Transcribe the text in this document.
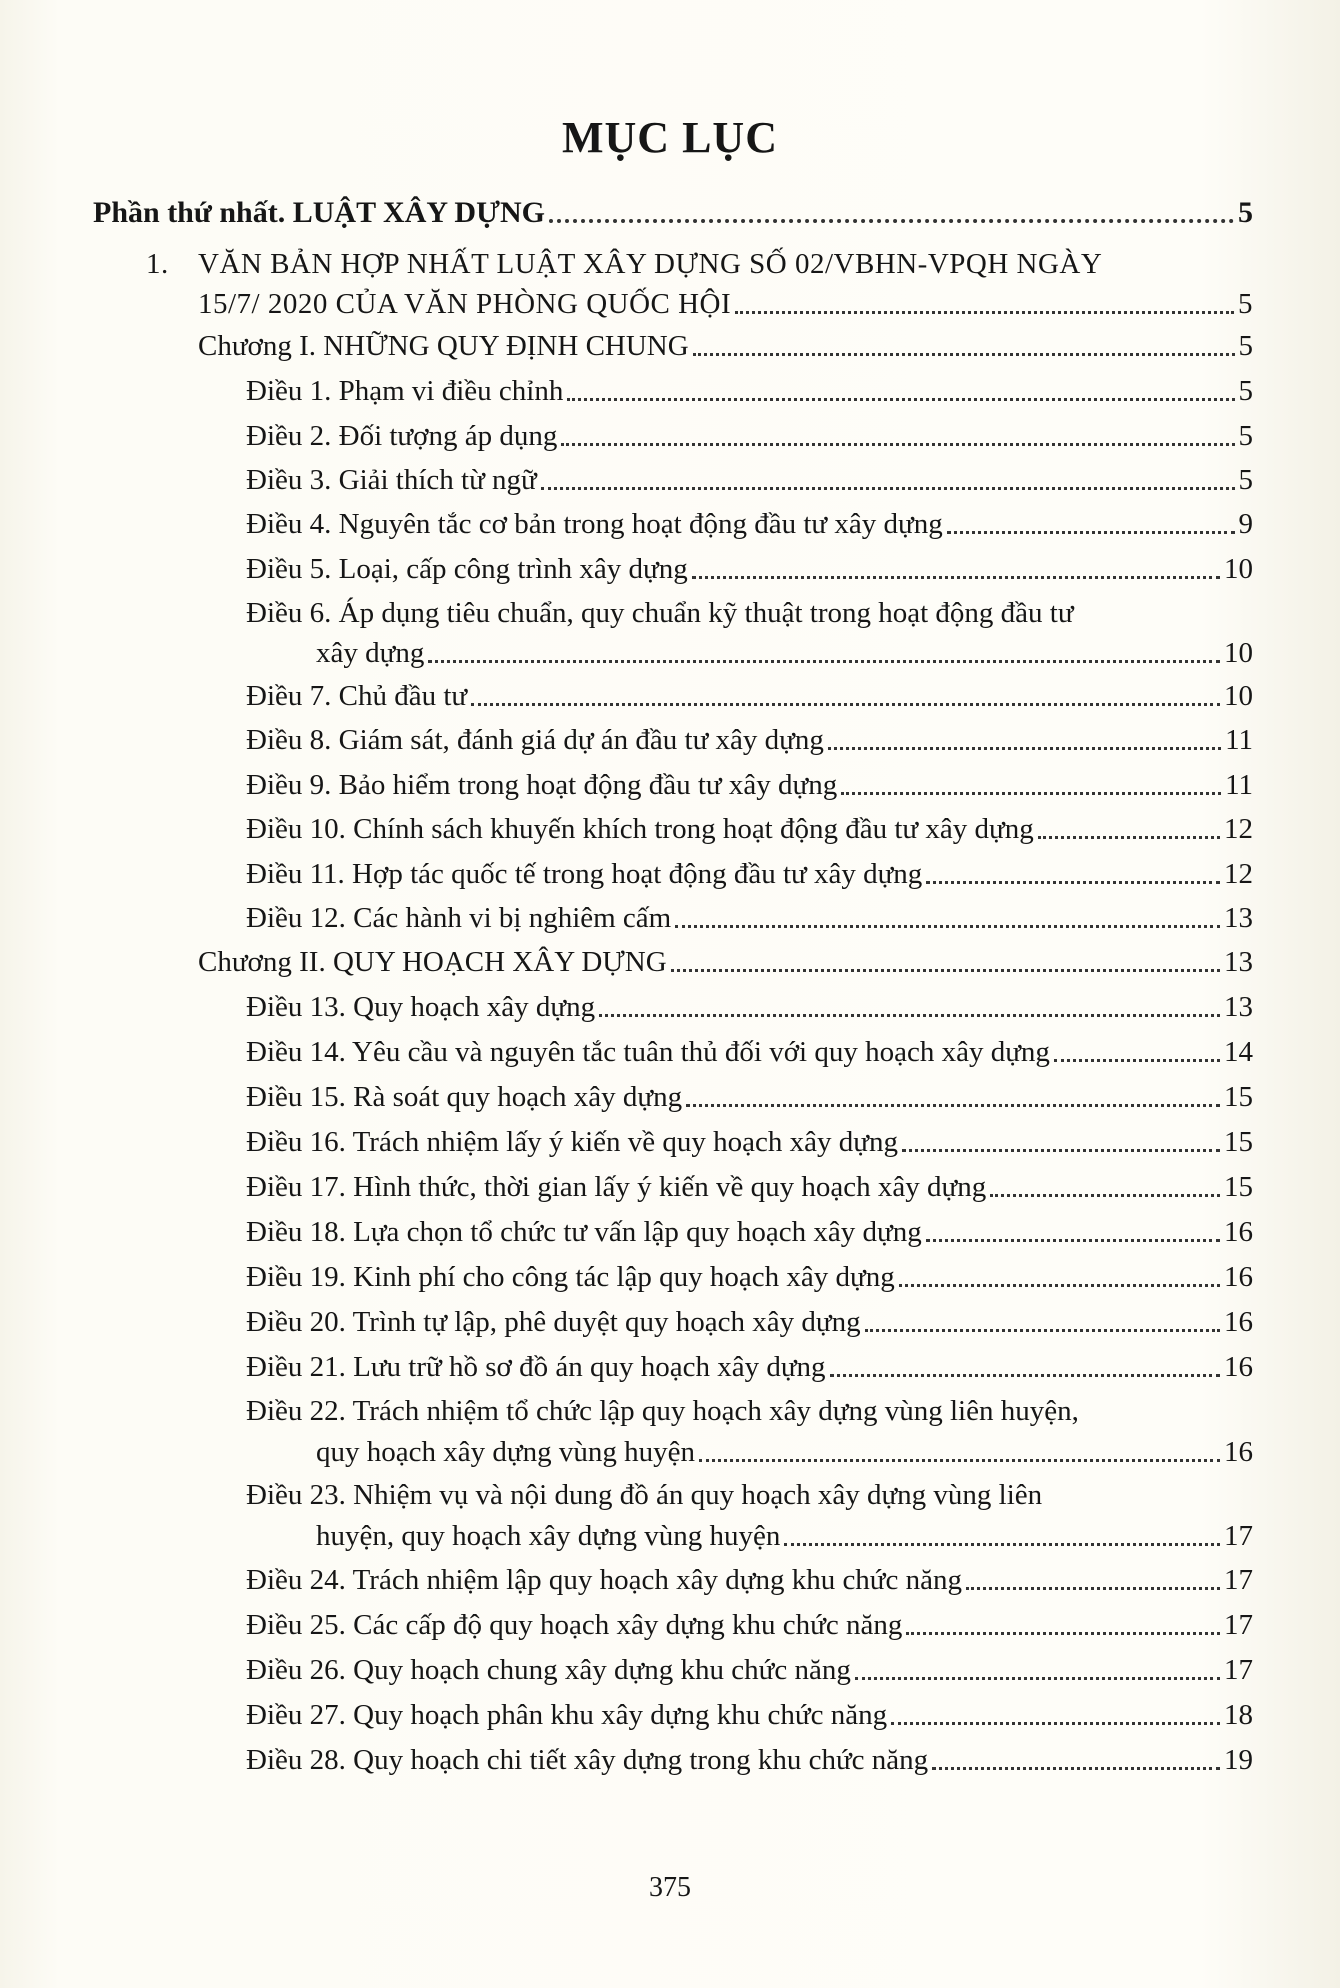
MỤC LỤC
Phần thứ nhất. LUẬT XÂY DỰNG	5
1. VĂN BẢN HỢP NHẤT LUẬT XÂY DỰNG SỐ 02/VBHN-VPQH NGÀY
15/7/ 2020 CỦA VĂN PHÒNG QUỐC HỘI	5
Chương I. NHỮNG QUY ĐỊNH CHUNG	5
Điều 1. Phạm vi điều chỉnh	5
Điều 2. Đối tượng áp dụng	5
Điều 3. Giải thích từ ngữ	5
Điều 4. Nguyên tắc cơ bản trong hoạt động đầu tư xây dựng	9
Điều 5. Loại, cấp công trình xây dựng	10
Điều 6. Áp dụng tiêu chuẩn, quy chuẩn kỹ thuật trong hoạt động đầu tư
xây dựng	10
Điều 7. Chủ đầu tư	10
Điều 8. Giám sát, đánh giá dự án đầu tư xây dựng	11
Điều 9. Bảo hiểm trong hoạt động đầu tư xây dựng	11
Điều 10. Chính sách khuyến khích trong hoạt động đầu tư xây dựng	12
Điều 11. Hợp tác quốc tế trong hoạt động đầu tư xây dựng	12
Điều 12. Các hành vi bị nghiêm cấm	13
Chương II. QUY HOẠCH XÂY DỰNG	13
Điều 13. Quy hoạch xây dựng	13
Điều 14. Yêu cầu và nguyên tắc tuân thủ đối với quy hoạch xây dựng	14
Điều 15. Rà soát quy hoạch xây dựng	15
Điều 16. Trách nhiệm lấy ý kiến về quy hoạch xây dựng	15
Điều 17. Hình thức, thời gian lấy ý kiến về quy hoạch xây dựng	15
Điều 18. Lựa chọn tổ chức tư vấn lập quy hoạch xây dựng	16
Điều 19. Kinh phí cho công tác lập quy hoạch xây dựng	16
Điều 20. Trình tự lập, phê duyệt quy hoạch xây dựng	16
Điều 21. Lưu trữ hồ sơ đồ án quy hoạch xây dựng	16
Điều 22. Trách nhiệm tổ chức lập quy hoạch xây dựng vùng liên huyện,
quy hoạch xây dựng vùng huyện	16
Điều 23. Nhiệm vụ và nội dung đồ án quy hoạch xây dựng vùng liên
huyện, quy hoạch xây dựng vùng huyện	17
Điều 24. Trách nhiệm lập quy hoạch xây dựng khu chức năng	17
Điều 25. Các cấp độ quy hoạch xây dựng khu chức năng	17
Điều 26. Quy hoạch chung xây dựng khu chức năng	17
Điều 27. Quy hoạch phân khu xây dựng khu chức năng	18
Điều 28. Quy hoạch chi tiết xây dựng trong khu chức năng	19
375
